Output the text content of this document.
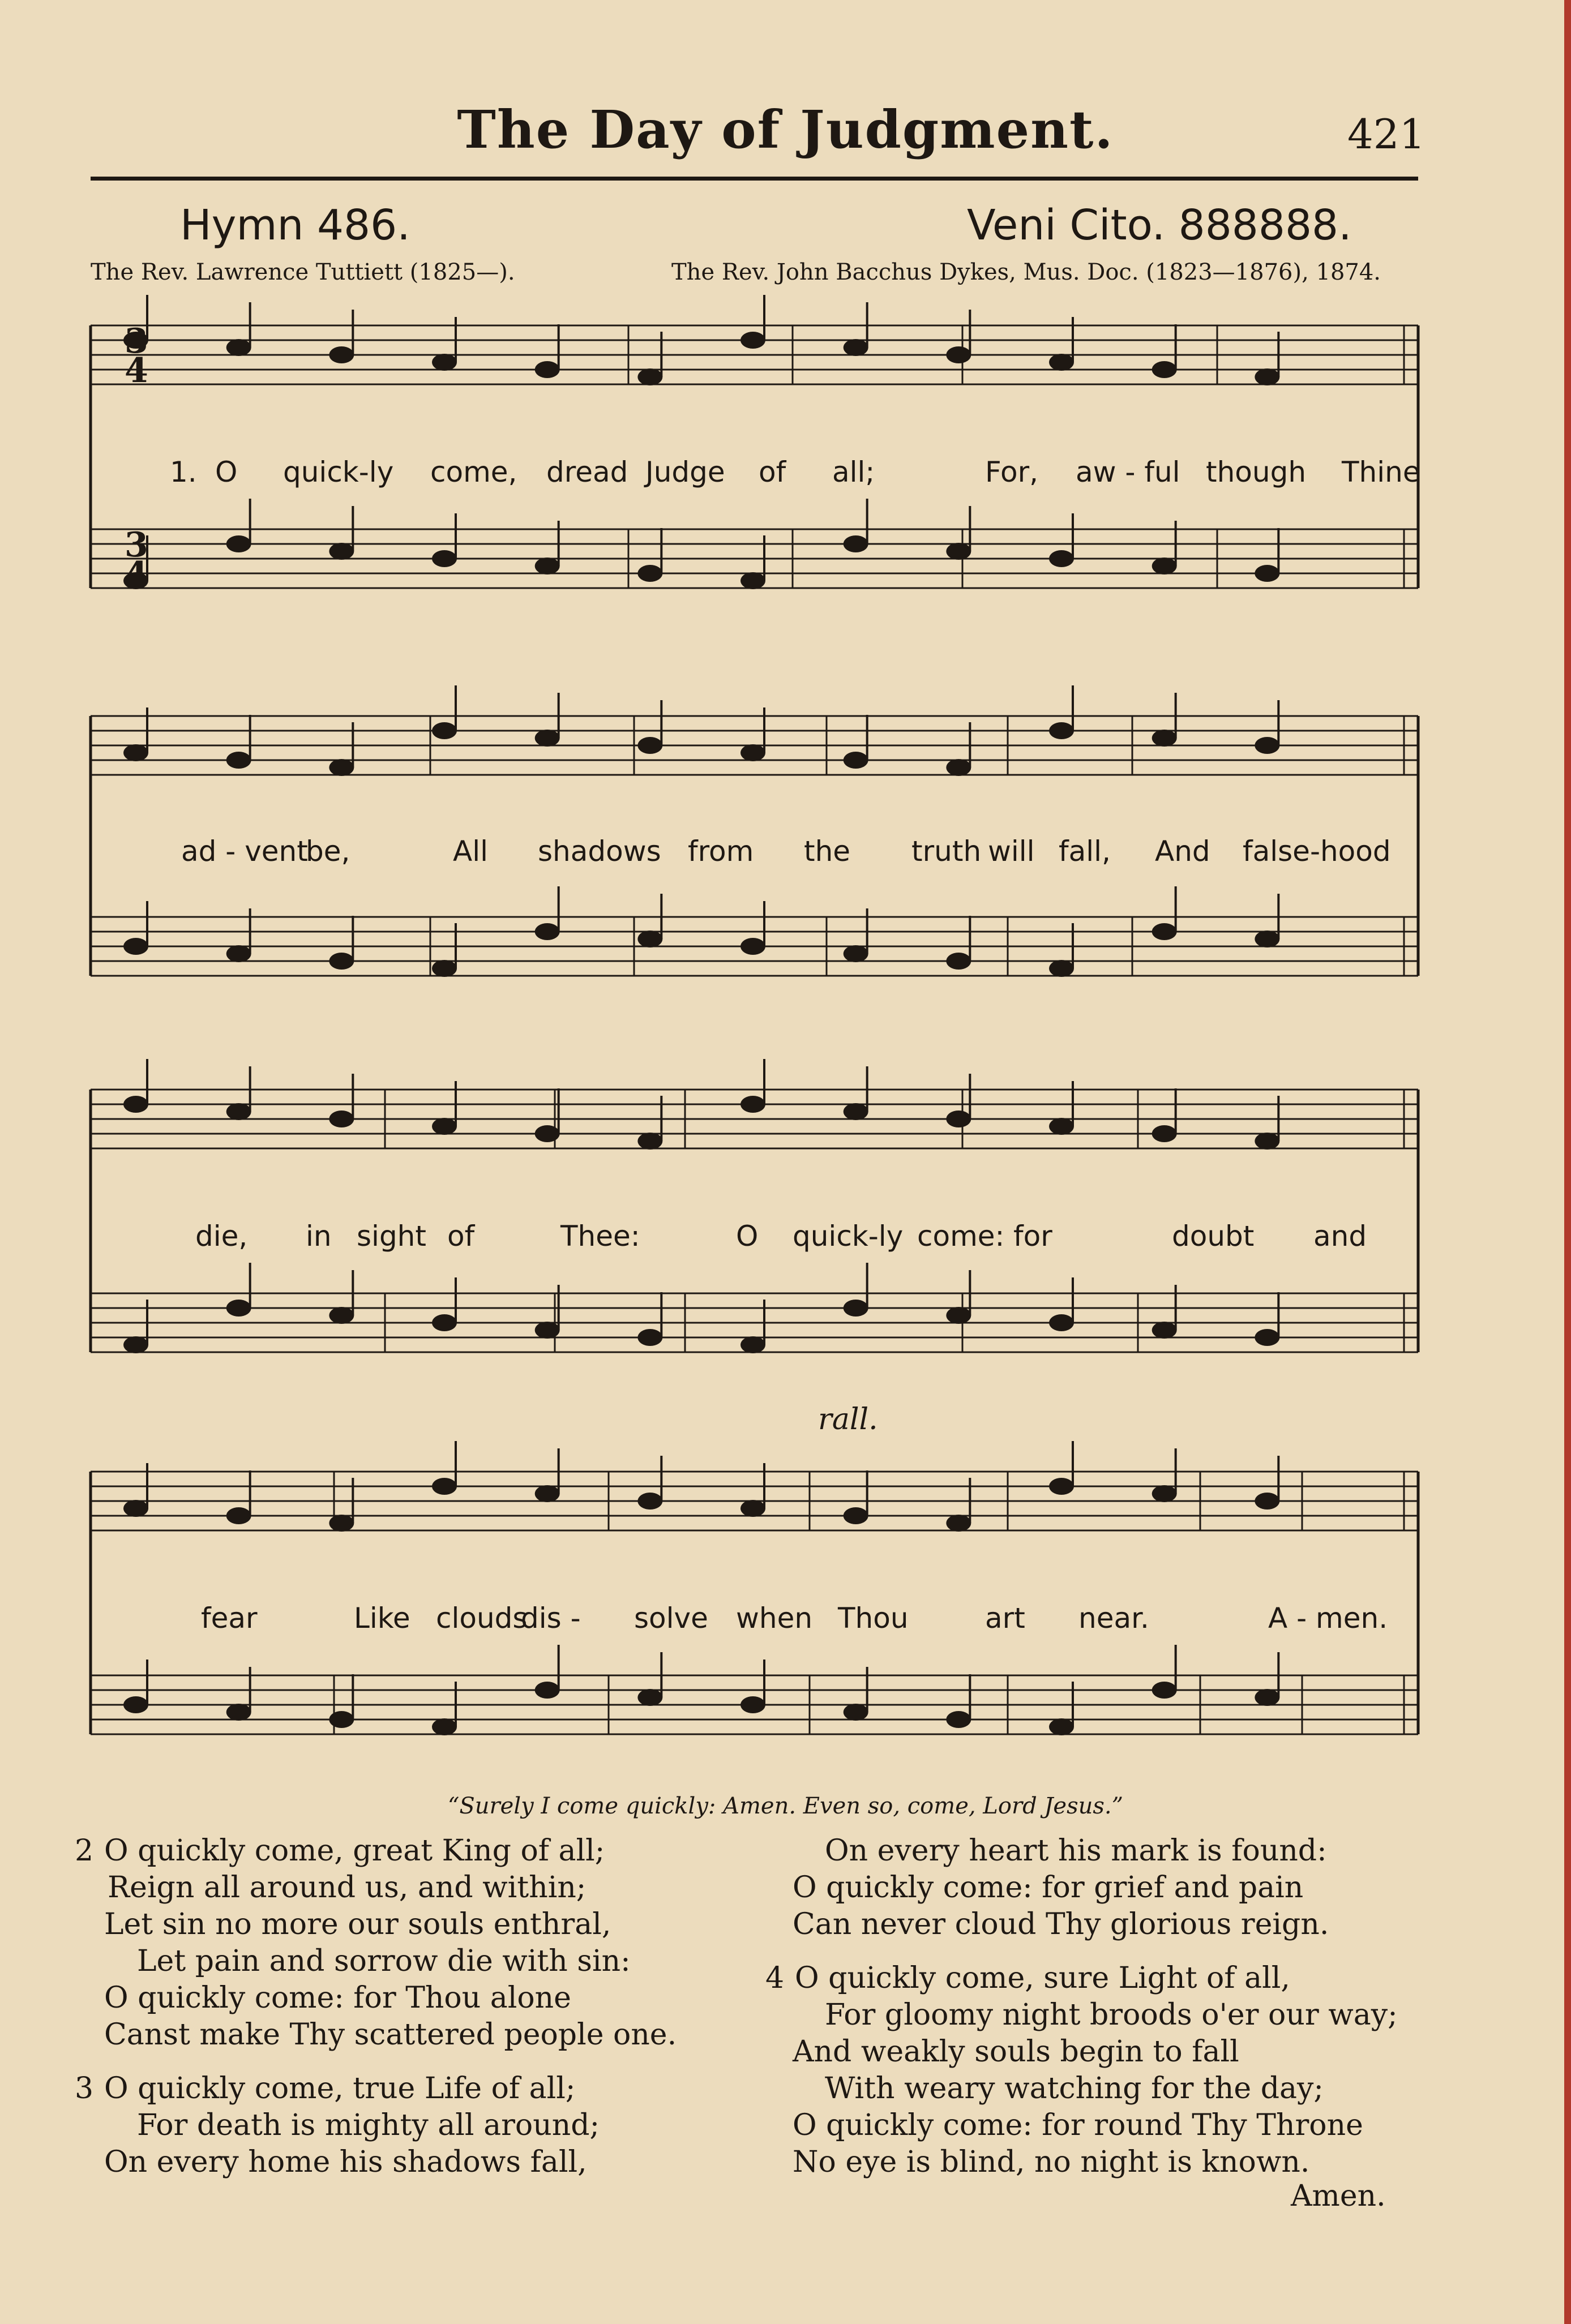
The Day of Judgment.	421
Hymn 486.	Veni Cito. 888888.
The Rev. Lawrence Tuttiett (1825—).	The Rev. John Bacchus Dykes, Mus. Doc. (1823—1876), 1874.
3
4
3
4
3/4
1. O quick-ly come, dread Judge of all;	For, aw - ful though Thine
ad - vent
be,	All shadows from the truth will fall, And false-hood
die, in sight of	Thee:	O quick-ly come: for	doubt and
fear	Like clouds
dis - solve when Thou	art near.	A - men.
rall.
“Surely I come quickly: Amen. Even so, come, Lord Jesus.”
2 O quickly come, great King of all;
Reign all around us, and within;
Let sin no more our souls enthral,
Let pain and sorrow die with sin:
O quickly come: for Thou alone
Canst make Thy scattered people one.
3 O quickly come, true Life of all;
For death is mighty all around;
On every home his shadows fall,
On every heart his mark is found:
O quickly come: for grief and pain
Can never cloud Thy glorious reign.
4 O quickly come, sure Light of all,
For gloomy night broods o'er our way;
And weakly souls begin to fall
With weary watching for the day;
O quickly come: for round Thy Throne
No eye is blind, no night is known.
Amen.
